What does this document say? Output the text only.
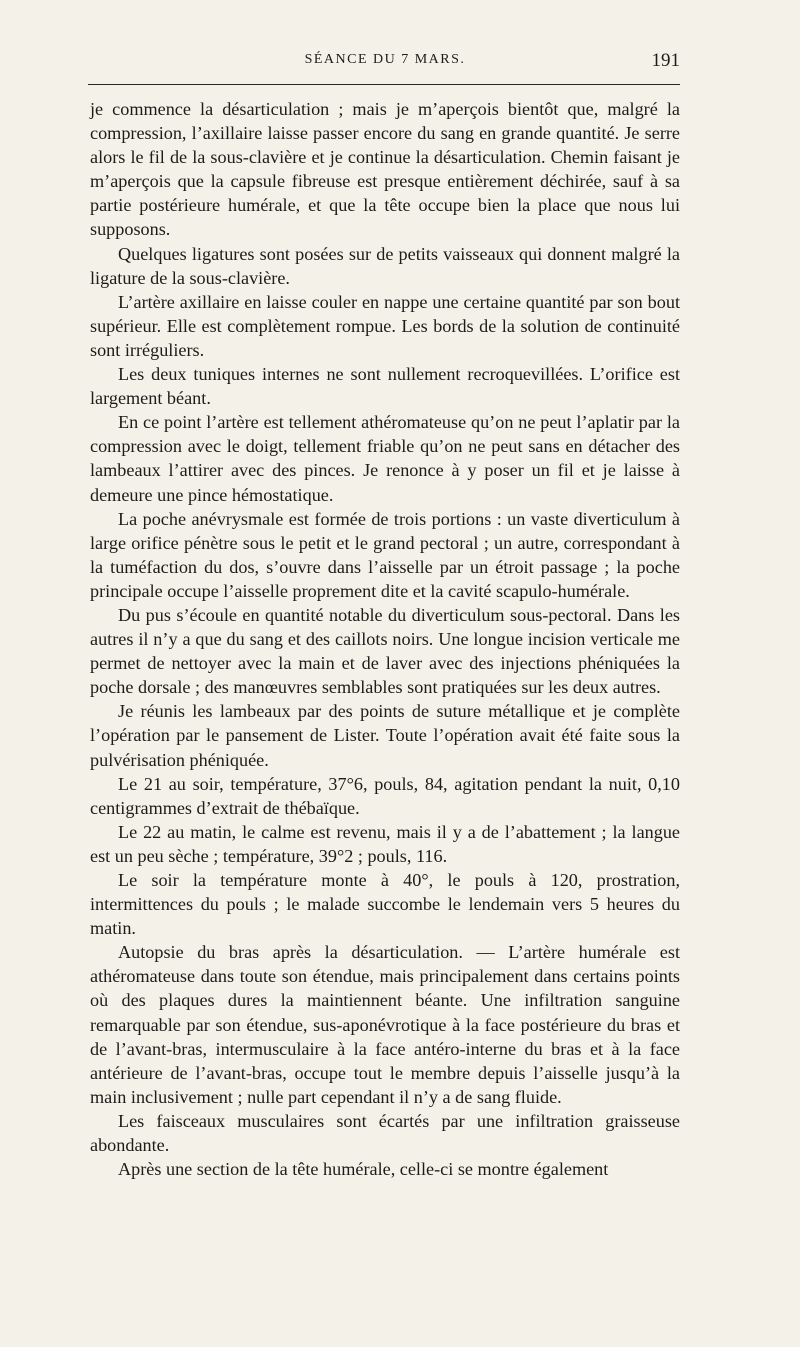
SÉANCE DU 7 MARS.	191

je commence la désarticulation ; mais je m’aperçois bientôt que, malgré la compression, l’axillaire laisse passer encore du sang en grande quantité. Je serre alors le fil de la sous-clavière et je continue la désarticulation. Chemin faisant je m’aperçois que la capsule fibreuse est presque entièrement déchirée, sauf à sa partie postérieure humérale, et que la tête occupe bien la place que nous lui supposons.

Quelques ligatures sont posées sur de petits vaisseaux qui donnent malgré la ligature de la sous-clavière.

L’artère axillaire en laisse couler en nappe une certaine quantité par son bout supérieur. Elle est complètement rompue. Les bords de la solution de continuité sont irréguliers.

Les deux tuniques internes ne sont nullement recroquevillées. L’orifice est largement béant.

En ce point l’artère est tellement athéromateuse qu’on ne peut l’aplatir par la compression avec le doigt, tellement friable qu’on ne peut sans en détacher des lambeaux l’attirer avec des pinces. Je renonce à y poser un fil et je laisse à demeure une pince hémostatique.

La poche anévrysmale est formée de trois portions : un vaste diverticulum à large orifice pénètre sous le petit et le grand pectoral ; un autre, correspondant à la tuméfaction du dos, s’ouvre dans l’aisselle par un étroit passage ; la poche principale occupe l’aisselle proprement dite et la cavité scapulo-humérale.

Du pus s’écoule en quantité notable du diverticulum sous-pectoral. Dans les autres il n’y a que du sang et des caillots noirs. Une longue incision verticale me permet de nettoyer avec la main et de laver avec des injections phéniquées la poche dorsale ; des manœuvres semblables sont pratiquées sur les deux autres.

Je réunis les lambeaux par des points de suture métallique et je complète l’opération par le pansement de Lister. Toute l’opération avait été faite sous la pulvérisation phéniquée.

Le 21 au soir, température, 37°6, pouls, 84, agitation pendant la nuit, 0,10 centigrammes d’extrait de thébaïque.

Le 22 au matin, le calme est revenu, mais il y a de l’abattement ; la langue est un peu sèche ; température, 39°2 ; pouls, 116.

Le soir la température monte à 40°, le pouls à 120, prostration, intermittences du pouls ; le malade succombe le lendemain vers 5 heures du matin.

Autopsie du bras après la désarticulation. — L’artère humérale est athéromateuse dans toute son étendue, mais principalement dans certains points où des plaques dures la maintiennent béante. Une infiltration sanguine remarquable par son étendue, sus-aponévrotique à la face postérieure du bras et de l’avant-bras, intermusculaire à la face antéro-interne du bras et à la face antérieure de l’avant-bras, occupe tout le membre depuis l’aisselle jusqu’à la main inclusivement ; nulle part cependant il n’y a de sang fluide.

Les faisceaux musculaires sont écartés par une infiltration graisseuse abondante.

Après une section de la tête humérale, celle-ci se montre également
